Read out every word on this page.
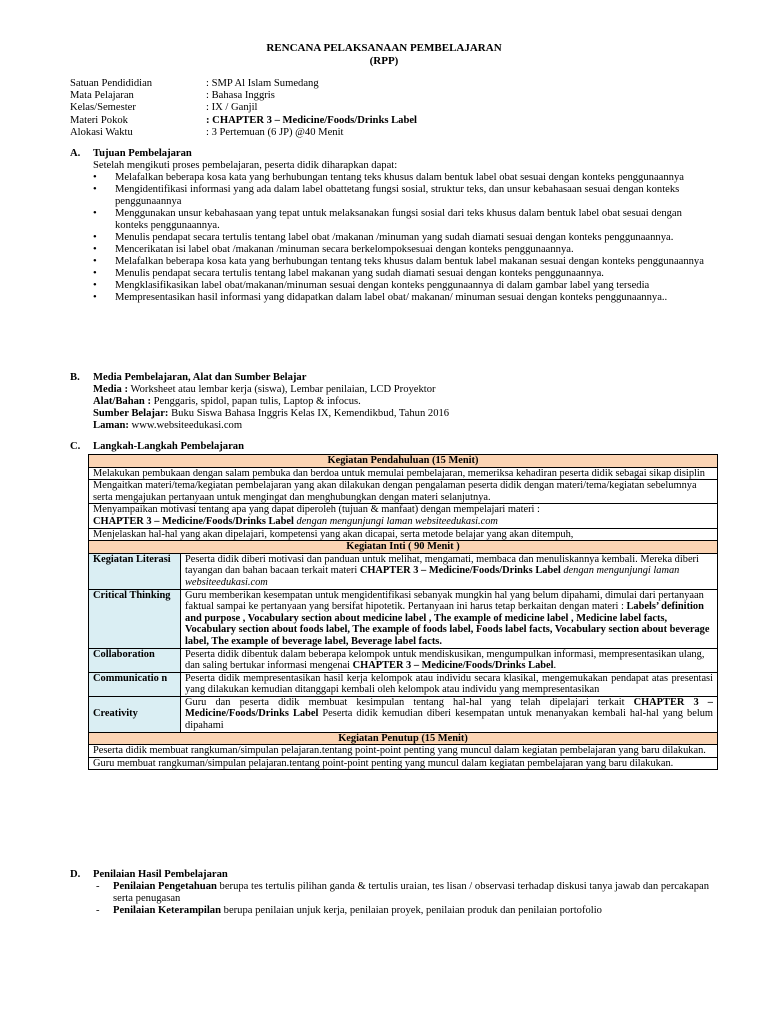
RENCANA PELAKSANAAN PEMBELAJARAN
(RPP)
Satuan Pendididian	: SMP Al Islam Sumedang
Mata Pelajaran	: Bahasa Inggris
Kelas/Semester	: IX / Ganjil
Materi Pokok	: CHAPTER 3 – Medicine/Foods/Drinks Label
Alokasi Waktu	: 3 Pertemuan (6 JP) @40 Menit
A. Tujuan Pembelajaran
Setelah mengikuti proses pembelajaran, peserta didik diharapkan dapat:
• Melafalkan beberapa kosa kata yang berhubungan tentang teks khusus dalam bentuk label obat sesuai dengan konteks penggunaannya
• Mengidentifikasi informasi yang ada dalam label obattetang fungsi sosial, struktur teks, dan unsur kebahasaan sesuai dengan konteks penggunaannya
• Menggunakan unsur kebahasaan yang tepat untuk melaksanakan fungsi sosial dari teks khusus dalam bentuk label obat sesuai dengan konteks penggunaannya.
• Menulis pendapat secara tertulis tentang label obat /makanan /minuman yang sudah diamati sesuai dengan konteks penggunaannya.
• Mencerikatan isi label obat /makanan /minuman secara berkelompoksesuai dengan konteks penggunaannya.
• Melafalkan beberapa kosa kata yang berhubungan tentang teks khusus dalam bentuk label makanan sesuai dengan konteks penggunaannya
• Menulis pendapat secara tertulis tentang label makanan yang sudah diamati sesuai dengan konteks penggunaannya.
• Mengklasifikasikan label obat/makanan/minuman sesuai dengan konteks penggunaannya di dalam gambar label yang tersedia
• Mempresentasikan hasil informasi yang didapatkan dalam label obat/ makanan/ minuman sesuai dengan konteks penggunaannya..
B. Media Pembelajaran, Alat dan Sumber Belajar
Media : Worksheet atau lembar kerja (siswa), Lembar penilaian, LCD Proyektor
Alat/Bahan : Penggaris, spidol, papan tulis, Laptop & infocus.
Sumber Belajar: Buku Siswa Bahasa Inggris Kelas IX, Kemendikbud, Tahun 2016
Laman: www.websiteedukasi.com
C. Langkah-Langkah Pembelajaran
Kegiatan Pendahuluan (15 Menit)	
Melakukan pembukaan dengan salam pembuka dan berdoa untuk memulai pembelajaran, memeriksa kehadiran peserta didik sebagai sikap disiplin	
Mengaitkan materi/tema/kegiatan pembelajaran yang akan dilakukan dengan pengalaman peserta didik dengan materi/tema/kegiatan sebelumnya serta mengajukan pertanyaan untuk mengingat dan menghubungkan dengan materi selanjutnya.	
Menyampaikan motivasi tentang apa yang dapat diperoleh (tujuan & manfaat) dengan mempelajari materi :
CHAPTER 3 – Medicine/Foods/Drinks Label dengan mengunjungi laman websiteedukasi.com	
Menjelaskan hal-hal yang akan dipelajari, kompetensi yang akan dicapai, serta metode belajar yang akan ditempuh,	
Kegiatan Inti ( 90 Menit )	
Kegiatan Literasi	Peserta didik diberi motivasi dan panduan untuk melihat, mengamati, membaca dan menuliskannya kembali. Mereka diberi tayangan dan bahan bacaan terkait materi CHAPTER 3 – Medicine/Foods/Drinks Label dengan mengunjungi laman websiteedukasi.com
Critical Thinking	Guru memberikan kesempatan untuk mengidentifikasi sebanyak mungkin hal yang belum dipahami, dimulai dari pertanyaan faktual sampai ke pertanyaan yang bersifat hipotetik. Pertanyaan ini harus tetap berkaitan dengan materi : Labels’ definition and purpose , Vocabulary section about medicine label , The example of medicine label , Medicine label facts, Vocabulary section about foods label, The example of foods label, Foods label facts, Vocabulary section about beverage label, The example of beverage label, Beverage label facts.
Collaboration	Peserta didik dibentuk dalam beberapa kelompok untuk mendiskusikan, mengumpulkan informasi, mempresentasikan ulang, dan saling bertukar informasi mengenai CHAPTER 3 – Medicine/Foods/Drinks Label.
Communicatio n	Peserta didik mempresentasikan hasil kerja kelompok atau individu secara klasikal, mengemukakan pendapat atas presentasi yang dilakukan kemudian ditanggapi kembali oleh kelompok atau individu yang mempresentasikan
Creativity	Guru dan peserta didik membuat kesimpulan tentang hal-hal yang telah dipelajari terkait CHAPTER 3 – Medicine/Foods/Drinks Label Peserta didik kemudian diberi kesempatan untuk menanyakan kembali hal-hal yang belum dipahami
Kegiatan Penutup (15 Menit)	
Peserta didik membuat rangkuman/simpulan pelajaran.tentang point-point penting yang muncul dalam kegiatan pembelajaran yang baru dilakukan.	
Guru membuat rangkuman/simpulan pelajaran.tentang point-point penting yang muncul dalam kegiatan pembelajaran yang baru dilakukan.	
D. Penilaian Hasil Pembelajaran
- Penilaian Pengetahuan berupa tes tertulis pilihan ganda & tertulis uraian, tes lisan / observasi terhadap diskusi tanya jawab dan percakapan serta penugasan
- Penilaian Keterampilan berupa penilaian unjuk kerja, penilaian proyek, penilaian produk dan penilaian portofolio
